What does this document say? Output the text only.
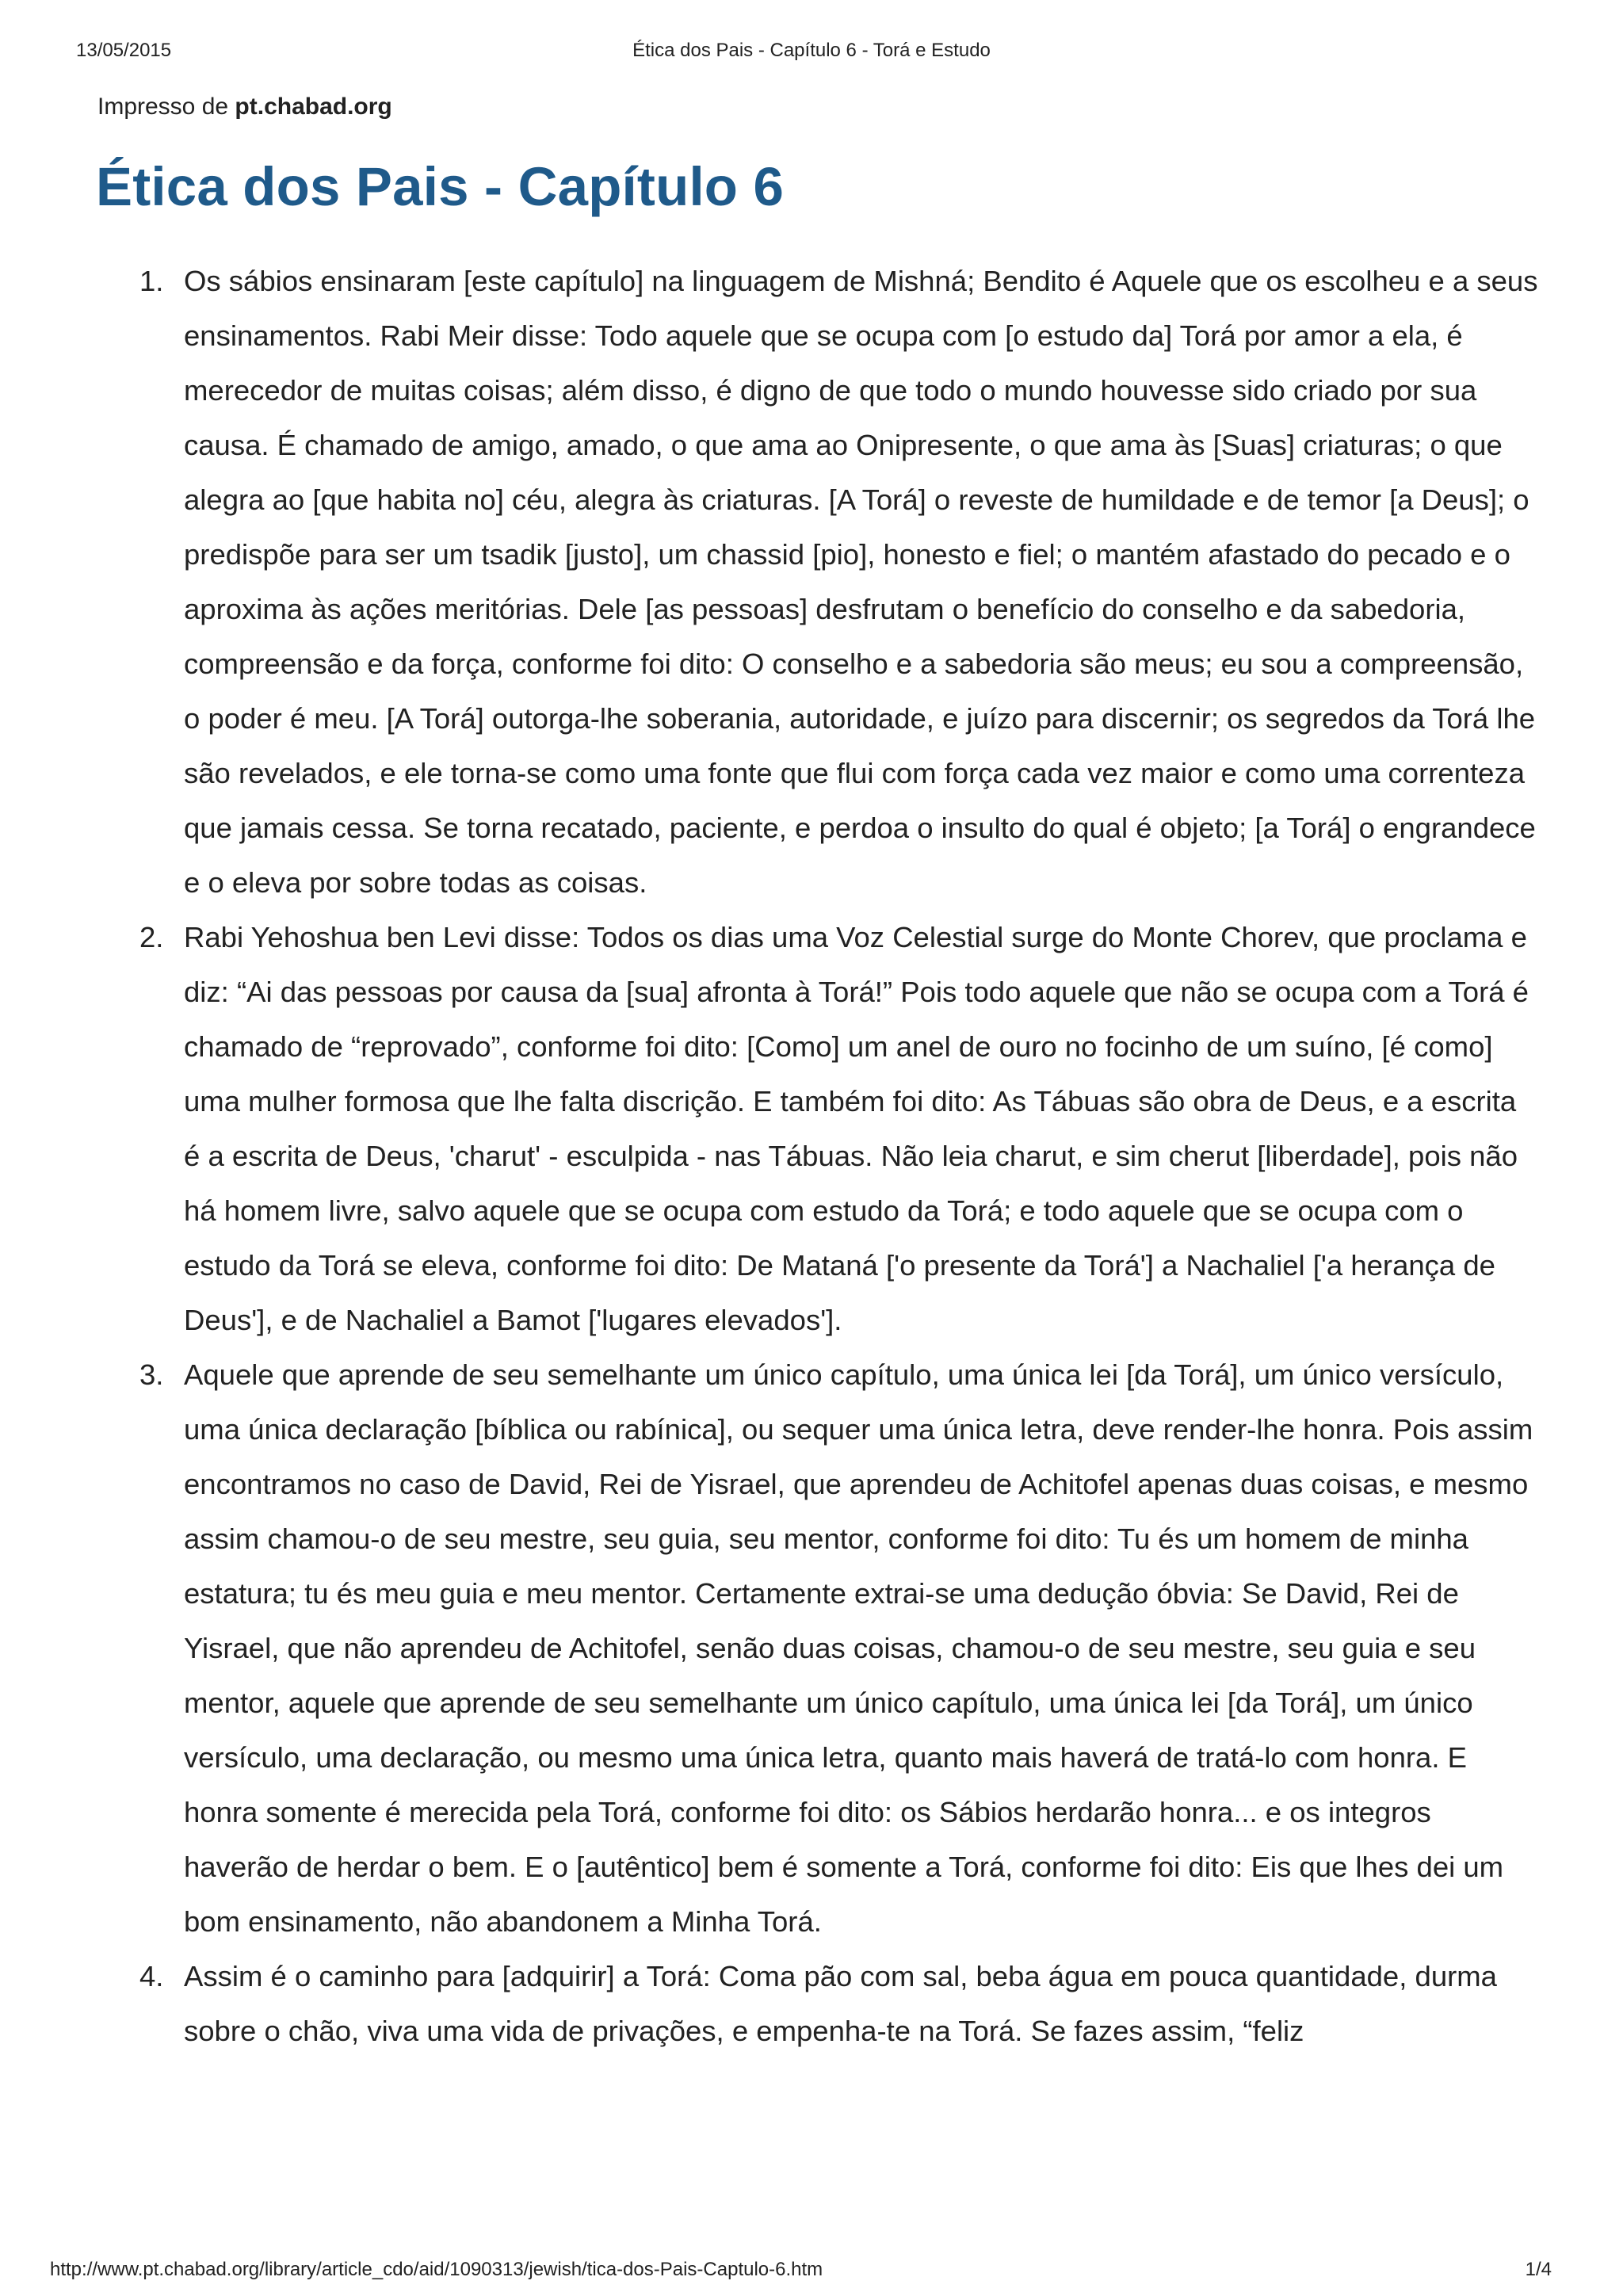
13/05/2015	Ética dos Pais - Capítulo 6 - Torá e Estudo
Impresso de pt.chabad.org
Ética dos Pais - Capítulo 6
1. Os sábios ensinaram [este capítulo] na linguagem de Mishná; Bendito é Aquele que os escolheu e a seus ensinamentos. Rabi Meir disse: Todo aquele que se ocupa com [o estudo da] Torá por amor a ela, é merecedor de muitas coisas; além disso, é digno de que todo o mundo houvesse sido criado por sua causa. É chamado de amigo, amado, o que ama ao Onipresente, o que ama às [Suas] criaturas; o que alegra ao [que habita no] céu, alegra às criaturas. [A Torá] o reveste de humildade e de temor [a Deus]; o predispõe para ser um tsadik [justo], um chassid [pio], honesto e fiel; o mantém afastado do pecado e o aproxima às ações meritórias. Dele [as pessoas] desfrutam o benefício do conselho e da sabedoria, compreensão e da força, conforme foi dito: O conselho e a sabedoria são meus; eu sou a compreensão, o poder é meu. [A Torá] outorga-lhe soberania, autoridade, e juízo para discernir; os segredos da Torá lhe são revelados, e ele torna-se como uma fonte que flui com força cada vez maior e como uma correnteza que jamais cessa. Se torna recatado, paciente, e perdoa o insulto do qual é objeto; [a Torá] o engrandece e o eleva por sobre todas as coisas.
2. Rabi Yehoshua ben Levi disse: Todos os dias uma Voz Celestial surge do Monte Chorev, que proclama e diz: “Ai das pessoas por causa da [sua] afronta à Torá!” Pois todo aquele que não se ocupa com a Torá é chamado de “reprovado”, conforme foi dito: [Como] um anel de ouro no focinho de um suíno, [é como] uma mulher formosa que lhe falta discrição. E também foi dito: As Tábuas são obra de Deus, e a escrita é a escrita de Deus, 'charut' - esculpida - nas Tábuas. Não leia charut, e sim cherut [liberdade], pois não há homem livre, salvo aquele que se ocupa com estudo da Torá; e todo aquele que se ocupa com o estudo da Torá se eleva, conforme foi dito: De Mataná ['o presente da Torá'] a Nachaliel ['a herança de Deus'], e de Nachaliel a Bamot ['lugares elevados'].
3. Aquele que aprende de seu semelhante um único capítulo, uma única lei [da Torá], um único versículo, uma única declaração [bíblica ou rabínica], ou sequer uma única letra, deve render-lhe honra. Pois assim encontramos no caso de David, Rei de Yisrael, que aprendeu de Achitofel apenas duas coisas, e mesmo assim chamou-o de seu mestre, seu guia, seu mentor, conforme foi dito: Tu és um homem de minha estatura; tu és meu guia e meu mentor. Certamente extrai-se uma dedução óbvia: Se David, Rei de Yisrael, que não aprendeu de Achitofel, senão duas coisas, chamou-o de seu mestre, seu guia e seu mentor, aquele que aprende de seu semelhante um único capítulo, uma única lei [da Torá], um único versículo, uma declaração, ou mesmo uma única letra, quanto mais haverá de tratá-lo com honra. E honra somente é merecida pela Torá, conforme foi dito: os Sábios herdarão honra... e os integros haverão de herdar o bem. E o [autêntico] bem é somente a Torá, conforme foi dito: Eis que lhes dei um bom ensinamento, não abandonem a Minha Torá.
4. Assim é o caminho para [adquirir] a Torá: Coma pão com sal, beba água em pouca quantidade, durma sobre o chão, viva uma vida de privações, e empenha-te na Torá. Se fazes assim, “feliz
http://www.pt.chabad.org/library/article_cdo/aid/1090313/jewish/tica-dos-Pais-Captulo-6.htm	1/4
